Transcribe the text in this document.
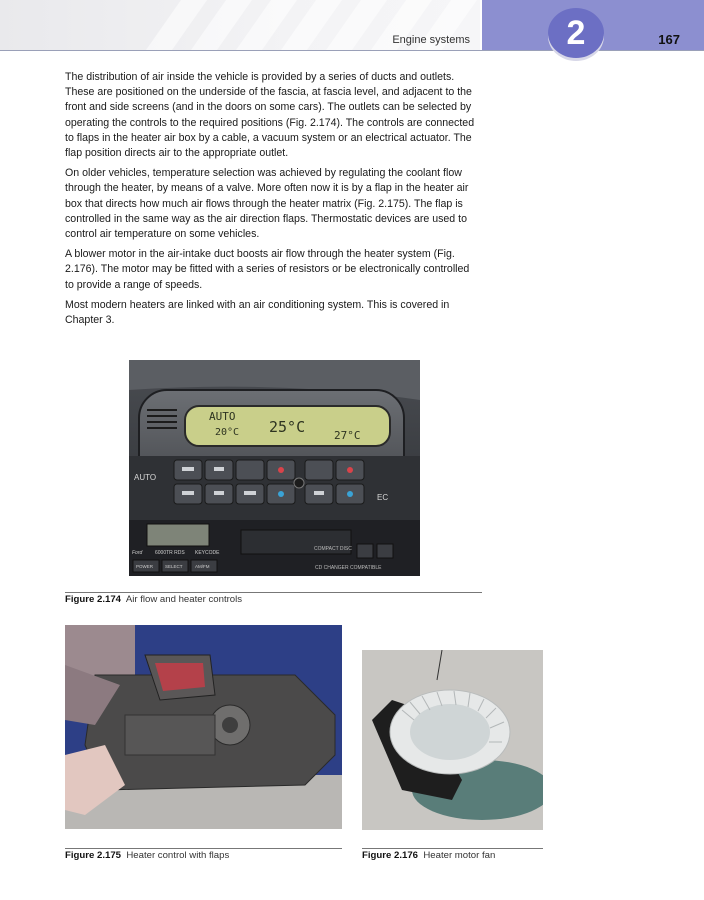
Engine systems	2	167

The distribution of air inside the vehicle is provided by a series of ducts and outlets. These are positioned on the underside of the fascia, at fascia level, and adjacent to the front and side screens (and in the doors on some cars). The outlets can be selected by operating the controls to the required positions (Fig. 2.174). The controls are connected to flaps in the heater air box by a cable, a vacuum system or an electrical actuator. The flap position directs air to the appropriate outlet.

On older vehicles, temperature selection was achieved by regulating the coolant flow through the heater, by means of a valve. More often now it is by a flap in the heater air box that directs how much air flows through the heater matrix (Fig. 2.175). The flap is controlled in the same way as the air direction flaps. Thermostatic devices are used to control air temperature on some vehicles.

A blower motor in the air-intake duct boosts air flow through the heater system (Fig. 2.176). The motor may be fitted with a series of resistors or be electronically controlled to provide a range of speeds.

Most modern heaters are linked with an air conditioning system. This is covered in Chapter 3.

AUTO
20°C 25°C	27°C
AUTO
EC
COMPACT DISC
CD CHANGER COMPATIBLE
Ford	6000TR RDS KEYCODE
POWER	SELECT	AM/FM
Figure 2.174 Air flow and heater controls
Figure 2.175 Heater control with flaps	Figure 2.176 Heater motor fan
